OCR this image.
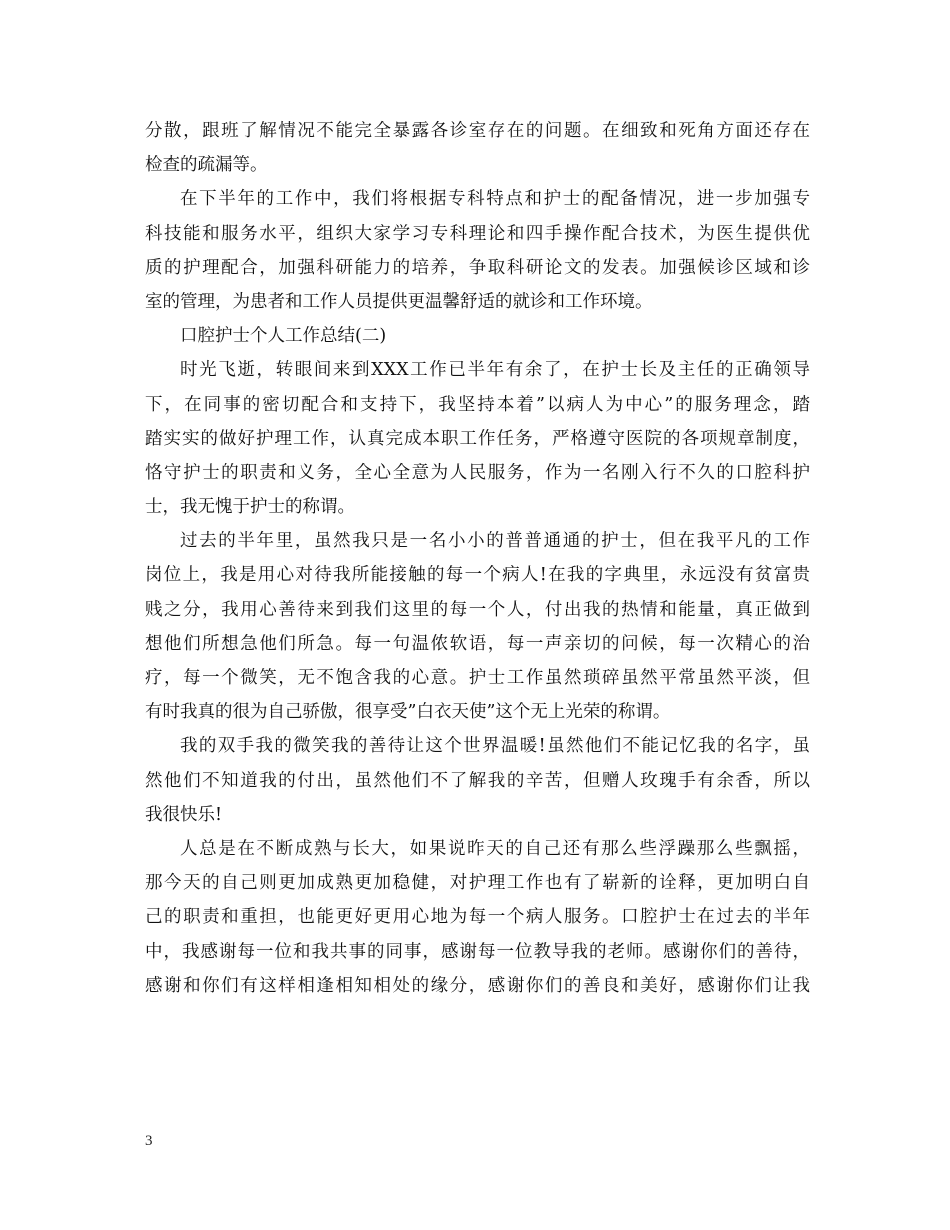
分散，跟班了解情况不能完全暴露各诊室存在的问题。在细致和死角方面还存在
检查的疏漏等。
在下半年的工作中，我们将根据专科特点和护士的配备情况，进一步加强专
科技能和服务水平，组织大家学习专科理论和四手操作配合技术，为医生提供优
质的护理配合，加强科研能力的培养，争取科研论文的发表。加强候诊区域和诊
室的管理，为患者和工作人员提供更温馨舒适的就诊和工作环境。
口腔护士个人工作总结(二)
时光飞逝，转眼间来到XXX工作已半年有余了，在护士长及主任的正确领导
下，在同事的密切配合和支持下，我坚持本着”以病人为中心”的服务理念，踏
踏实实的做好护理工作，认真完成本职工作任务，严格遵守医院的各项规章制度，
恪守护士的职责和义务，全心全意为人民服务，作为一名刚入行不久的口腔科护
士，我无愧于护士的称谓。
过去的半年里，虽然我只是一名小小的普普通通的护士，但在我平凡的工作
岗位上，我是用心对待我所能接触的每一个病人!在我的字典里，永远没有贫富贵
贱之分，我用心善待来到我们这里的每一个人，付出我的热情和能量，真正做到
想他们所想急他们所急。每一句温侬软语，每一声亲切的问候，每一次精心的治
疗，每一个微笑，无不饱含我的心意。护士工作虽然琐碎虽然平常虽然平淡，但
有时我真的很为自己骄傲，很享受”白衣天使”这个无上光荣的称谓。
我的双手我的微笑我的善待让这个世界温暖!虽然他们不能记忆我的名字，虽
然他们不知道我的付出，虽然他们不了解我的辛苦，但赠人玫瑰手有余香，所以
我很快乐!
人总是在不断成熟与长大，如果说昨天的自己还有那么些浮躁那么些飘摇，
那今天的自己则更加成熟更加稳健，对护理工作也有了崭新的诠释，更加明白自
己的职责和重担，也能更好更用心地为每一个病人服务。口腔护士在过去的半年
中，我感谢每一位和我共事的同事，感谢每一位教导我的老师。感谢你们的善待，
感谢和你们有这样相逢相知相处的缘分，感谢你们的善良和美好，感谢你们让我
3
